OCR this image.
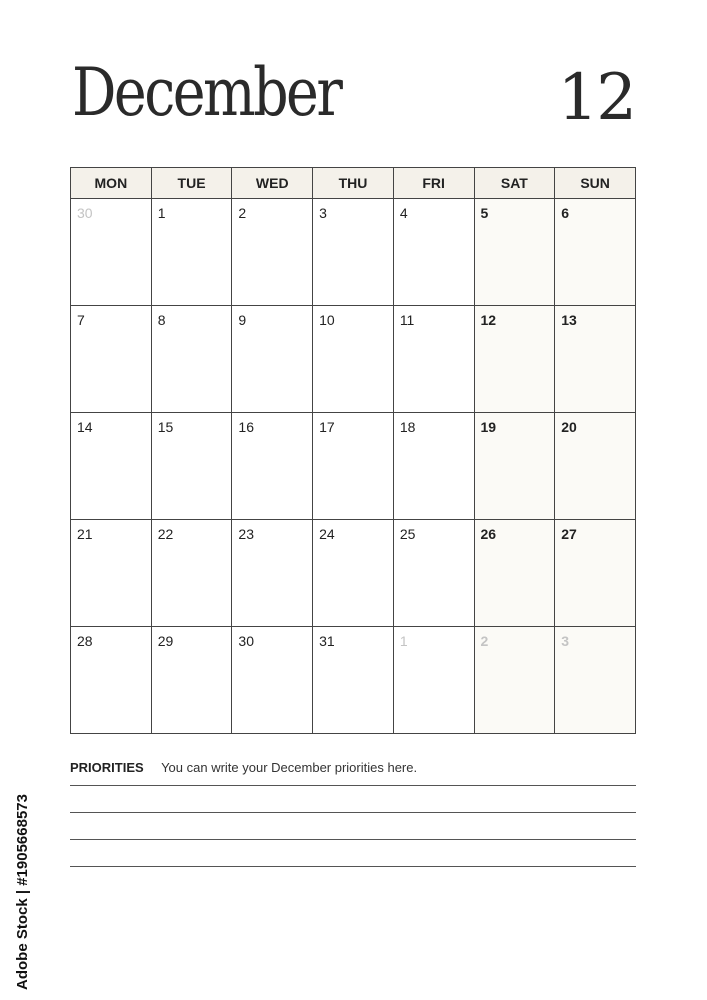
December	12
MON	TUE	WED	THU	FRI	SAT	SUN

30	1	2	3	4	5	6

7	8	9	10	11	12	13

14	15	16	17	18	19	20

21	22	23	24	25	26	27

28	29	30	31	1	2	3
PRIORITIES You can write your December priorities here.
Adobe Stock | #1905668573
